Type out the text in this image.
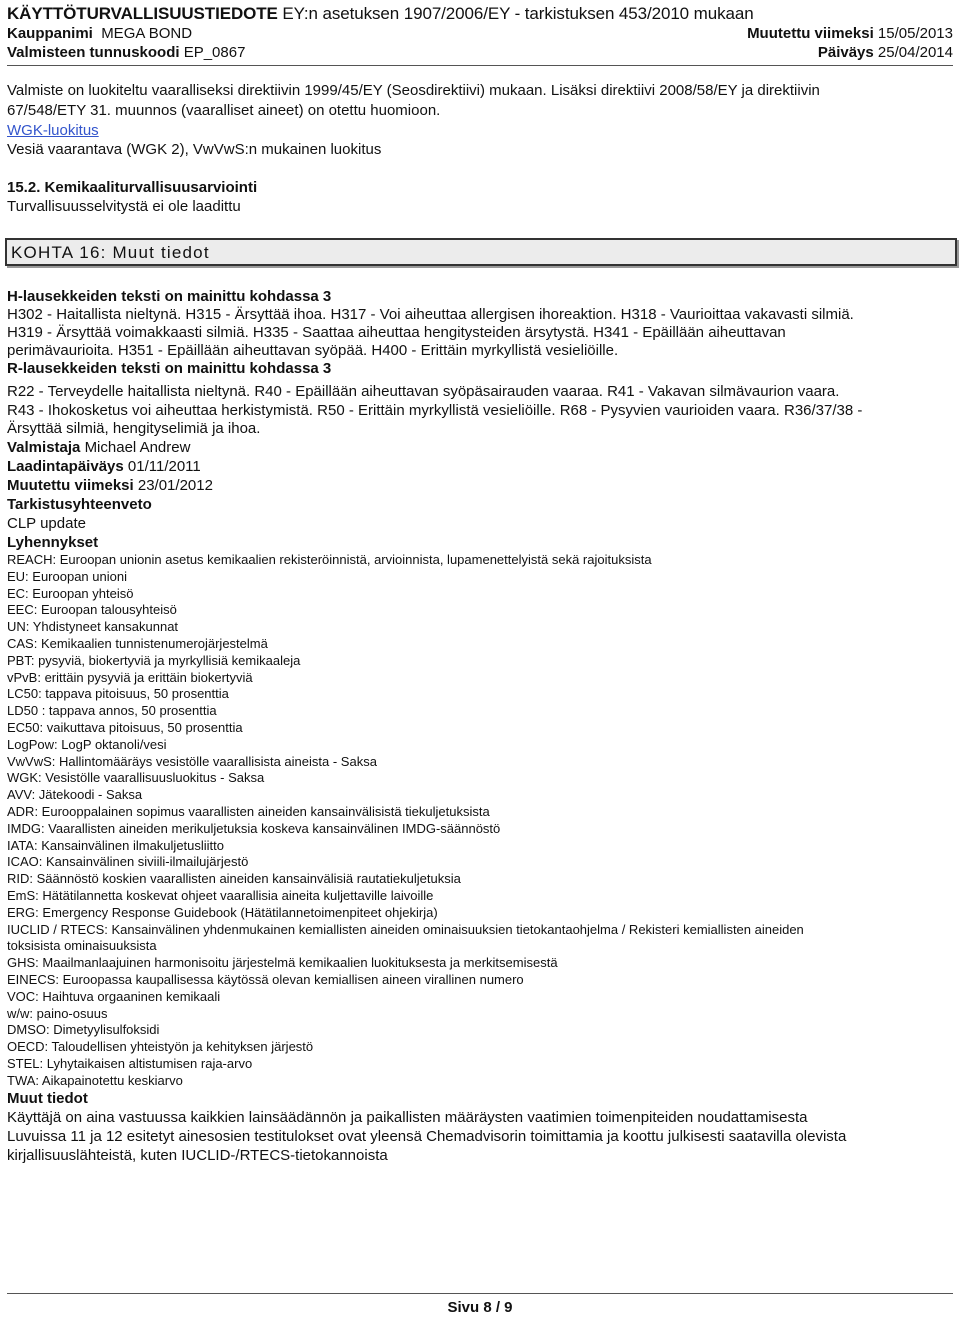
KÄYTTÖTURVALLISUUSTIEDOTE EY:n asetuksen 1907/2006/EY - tarkistuksen 453/2010 mukaan
Kauppanimi MEGA BOND	Muutettu viimeksi 15/05/2013
Valmisteen tunnuskoodi EP_0867	Päiväys 25/04/2014
Valmiste on luokiteltu vaaralliseksi direktiivin 1999/45/EY (Seosdirektiivi) mukaan. Lisäksi direktiivi 2008/58/EY ja direktiivin
67/548/ETY 31. muunnos (vaaralliset aineet) on otettu huomioon.
WGK-luokitus
Vesiä vaarantava (WGK 2), VwVwS:n mukainen luokitus
15.2. Kemikaaliturvallisuusarviointi
Turvallisuusselvitystä ei ole laadittu
KOHTA 16: Muut tiedot
H-lausekkeiden teksti on mainittu kohdassa 3
H302 - Haitallista nieltynä. H315 - Ärsyttää ihoa. H317 - Voi aiheuttaa allergisen ihoreaktion. H318 - Vaurioittaa vakavasti silmiä.
H319 - Ärsyttää voimakkaasti silmiä. H335 - Saattaa aiheuttaa hengitysteiden ärsytystä. H341 - Epäillään aiheuttavan
perimävaurioita. H351 - Epäillään aiheuttavan syöpää. H400 - Erittäin myrkyllistä vesieliöille.
R-lausekkeiden teksti on mainittu kohdassa 3
R22 - Terveydelle haitallista nieltynä. R40 - Epäillään aiheuttavan syöpäsairauden vaaraa. R41 - Vakavan silmävaurion vaara.
R43 - Ihokosketus voi aiheuttaa herkistymistä. R50 - Erittäin myrkyllistä vesieliöille. R68 - Pysyvien vaurioiden vaara. R36/37/38 -
Ärsyttää silmiä, hengityselimiä ja ihoa.
Valmistaja Michael Andrew
Laadintapäiväys 01/11/2011
Muutettu viimeksi 23/01/2012
Tarkistusyhteenveto
CLP update
Lyhennykset
REACH: Euroopan unionin asetus kemikaalien rekisteröinnistä, arvioinnista, lupamenettelyistä sekä rajoituksista
EU: Euroopan unioni
EC: Euroopan yhteisö
EEC: Euroopan talousyhteisö
UN: Yhdistyneet kansakunnat
CAS: Kemikaalien tunnistenumerojärjestelmä
PBT: pysyviä, biokertyviä ja myrkyllisiä kemikaaleja
vPvB: erittäin pysyviä ja erittäin biokertyviä
LC50: tappava pitoisuus, 50 prosenttia
LD50 : tappava annos, 50 prosenttia
EC50: vaikuttava pitoisuus, 50 prosenttia
LogPow: LogP oktanoli/vesi
VwVwS: Hallintomääräys vesistölle vaarallisista aineista - Saksa
WGK: Vesistölle vaarallisuusluokitus - Saksa
AVV: Jätekoodi - Saksa
ADR: Eurooppalainen sopimus vaarallisten aineiden kansainvälisistä tiekuljetuksista
IMDG: Vaarallisten aineiden merikuljetuksia koskeva kansainvälinen IMDG-säännöstö
IATA: Kansainvälinen ilmakuljetusliitto
ICAO: Kansainvälinen siviili-ilmailujärjestö
RID: Säännöstö koskien vaarallisten aineiden kansainvälisiä rautatiekuljetuksia
EmS: Hätätilannetta koskevat ohjeet vaarallisia aineita kuljettaville laivoille
ERG: Emergency Response Guidebook (Hätätilannetoimenpiteet ohjekirja)
IUCLID / RTECS: Kansainvälinen yhdenmukainen kemiallisten aineiden ominaisuuksien tietokantaohjelma / Rekisteri kemiallisten aineiden
toksisista ominaisuuksista
GHS: Maailmanlaajuinen harmonisoitu järjestelmä kemikaalien luokituksesta ja merkitsemisestä
EINECS: Euroopassa kaupallisessa käytössä olevan kemiallisen aineen virallinen numero
VOC: Haihtuva orgaaninen kemikaali
w/w: paino-osuus
DMSO: Dimetyylisulfoksidi
OECD: Taloudellisen yhteistyön ja kehityksen järjestö
STEL: Lyhytaikaisen altistumisen raja-arvo
TWA: Aikapainotettu keskiarvo
Muut tiedot
Käyttäjä on aina vastuussa kaikkien lainsäädännön ja paikallisten määräysten vaatimien toimenpiteiden noudattamisesta
Luvuissa 11 ja 12 esitetyt ainesosien testitulokset ovat yleensä Chemadvisorin toimittamia ja koottu julkisesti saatavilla olevista
kirjallisuuslähteistä, kuten IUCLID-/RTECS-tietokannoista
Sivu 8 / 9
